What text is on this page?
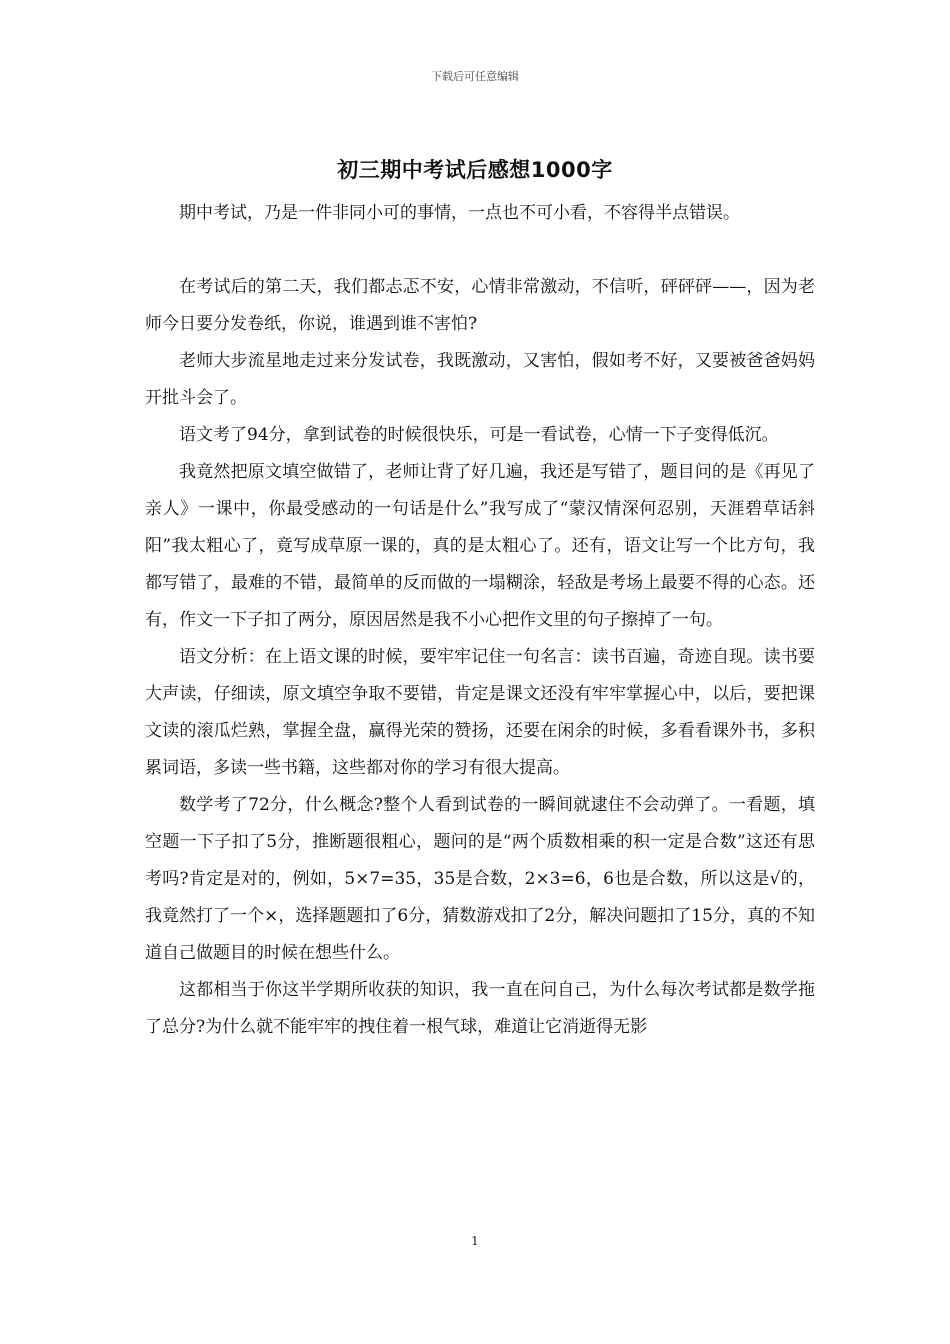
下载后可任意编辑
初三期中考试后感想1000字

期中考试，乃是一件非同小可的事情，一点也不可小看，不容得半点错误。

在考试后的第二天，我们都忐忑不安，心情非常激动，不信听，砰砰砰——，因为老师今日要分发卷纸，你说，谁遇到谁不害怕?

老师大步流星地走过来分发试卷，我既激动，又害怕，假如考不好，又要被爸爸妈妈开批斗会了。

语文考了94分，拿到试卷的时候很快乐，可是一看试卷，心情一下子变得低沉。

我竟然把原文填空做错了，老师让背了好几遍，我还是写错了，题目问的是《再见了亲人》一课中，你最受感动的一句话是什么”我写成了“蒙汉情深何忍别，天涯碧草话斜阳”我太粗心了，竟写成草原一课的，真的是太粗心了。还有，语文让写一个比方句，我都写错了，最难的不错，最简单的反而做的一塌糊涂，轻敌是考场上最要不得的心态。还有，作文一下子扣了两分，原因居然是我不小心把作文里的句子擦掉了一句。

语文分析：在上语文课的时候，要牢牢记住一句名言：读书百遍，奇迹自现。读书要大声读，仔细读，原文填空争取不要错，肯定是课文还没有牢牢掌握心中，以后，要把课文读的滚瓜烂熟，掌握全盘，赢得光荣的赞扬，还要在闲余的时候，多看看课外书，多积累词语，多读一些书籍，这些都对你的学习有很大提高。

数学考了72分，什么概念?整个人看到试卷的一瞬间就逮住不会动弹了。一看题，填空题一下子扣了5分，推断题很粗心，题问的是“两个质数相乘的积一定是合数”这还有思考吗?肯定是对的，例如，5×7=35，35是合数，2×3=6，6也是合数，所以这是√的，我竟然打了一个×，选择题题扣了6分，猜数游戏扣了2分，解决问题扣了15分，真的不知道自己做题目的时候在想些什么。

这都相当于你这半学期所收获的知识，我一直在问自己，为什么每次考试都是数学拖了总分?为什么就不能牢牢的拽住着一根气球，难道让它消逝得无影

1
